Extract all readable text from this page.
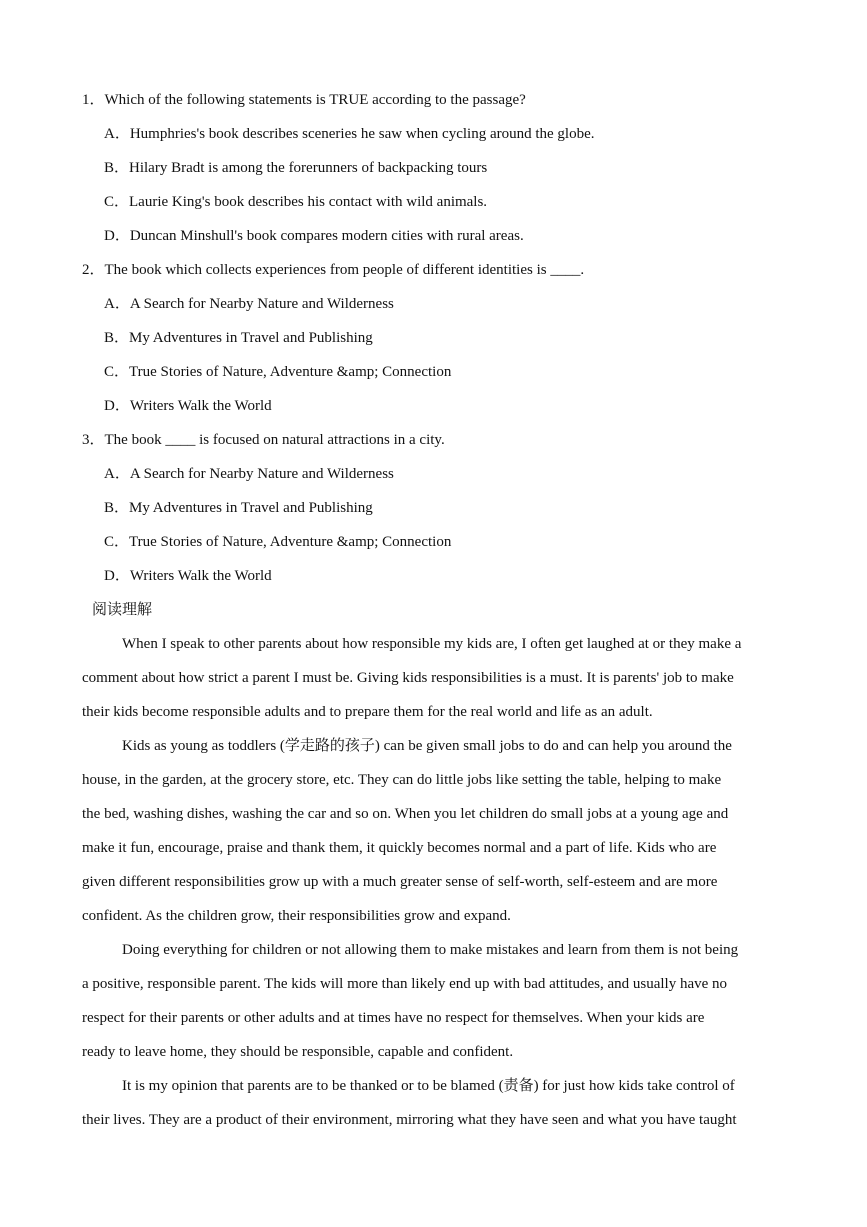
1．Which of the following statements is TRUE according to the passage?
A．Humphries's book describes sceneries he saw when cycling around the globe.
B．Hilary Bradt is among the forerunners of backpacking tours
C．Laurie King's book describes his contact with wild animals.
D．Duncan Minshull's book compares modern cities with rural areas.
2．The book which collects experiences from people of different identities is ____.
A．A Search for Nearby Nature and Wilderness
B．My Adventures in Travel and Publishing
C．True Stories of Nature, Adventure &amp; Connection
D．Writers Walk the World
3．The book ____ is focused on natural attractions in a city.
A．A Search for Nearby Nature and Wilderness
B．My Adventures in Travel and Publishing
C．True Stories of Nature, Adventure &amp; Connection
D．Writers Walk the World
阅读理解
When I speak to other parents about how responsible my kids are, I often get laughed at or they make a
comment about how strict a parent I must be. Giving kids responsibilities is a must. It is parents' job to make
their kids become responsible adults and to prepare them for the real world and life as an adult.
Kids as young as toddlers (学走路的孩子) can be given small jobs to do and can help you around the
house, in the garden, at the grocery store, etc. They can do little jobs like setting the table, helping to make
the bed, washing dishes, washing the car and so on. When you let children do small jobs at a young age and
make it fun, encourage, praise and thank them, it quickly becomes normal and a part of life. Kids who are
given different responsibilities grow up with a much greater sense of self-worth, self-esteem and are more
confident. As the children grow, their responsibilities grow and expand.
Doing everything for children or not allowing them to make mistakes and learn from them is not being
a positive, responsible parent. The kids will more than likely end up with bad attitudes, and usually have no
respect for their parents or other adults and at times have no respect for themselves. When your kids are
ready to leave home, they should be responsible, capable and confident.
It is my opinion that parents are to be thanked or to be blamed (责备) for just how kids take control of
their lives. They are a product of their environment, mirroring what they have seen and what you have taught
